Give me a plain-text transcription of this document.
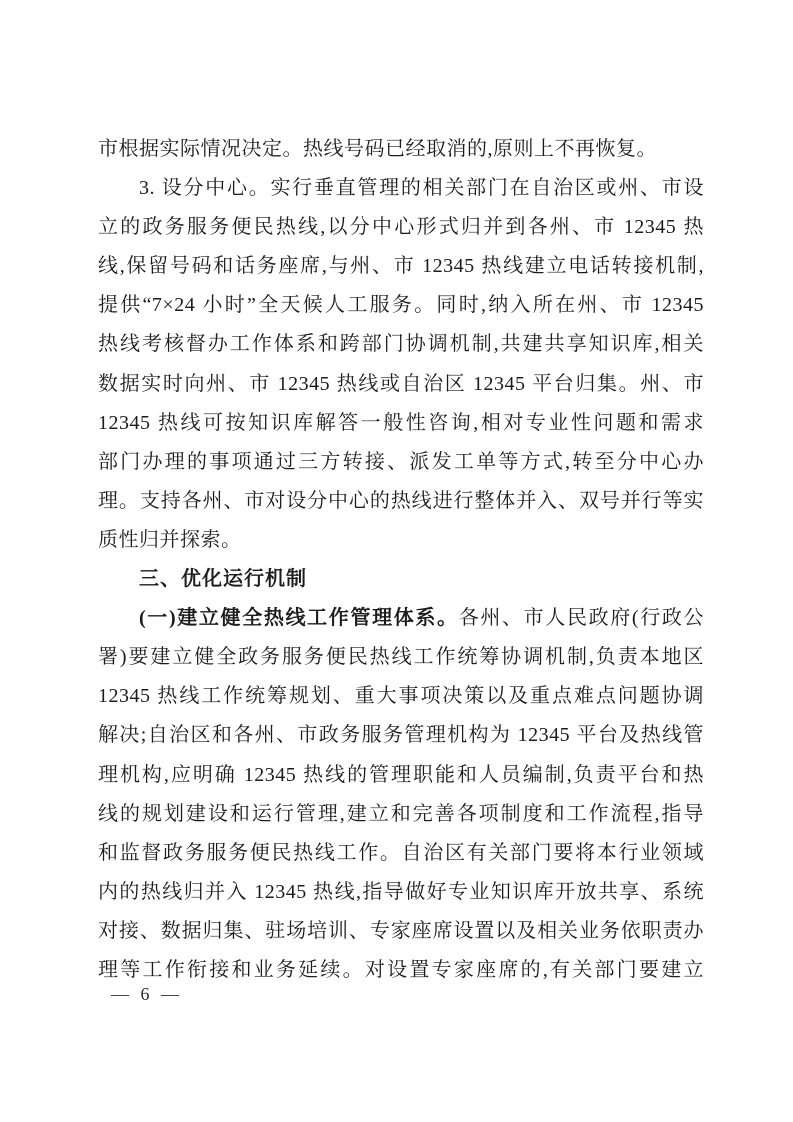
市根据实际情况决定。热线号码已经取消的,原则上不再恢复。
3. 设分中心。实行垂直管理的相关部门在自治区或州、市设
立的政务服务便民热线,以分中心形式归并到各州、市 12345 热
线,保留号码和话务座席,与州、市 12345 热线建立电话转接机制,
提供“7×24 小时”全天候人工服务。同时,纳入所在州、市 12345
热线考核督办工作体系和跨部门协调机制,共建共享知识库,相关
数据实时向州、市 12345 热线或自治区 12345 平台归集。州、市
12345 热线可按知识库解答一般性咨询,相对专业性问题和需求
部门办理的事项通过三方转接、派发工单等方式,转至分中心办
理。支持各州、市对设分中心的热线进行整体并入、双号并行等实
质性归并探索。
三、优化运行机制
(一)建立健全热线工作管理体系。各州、市人民政府(行政公
署)要建立健全政务服务便民热线工作统筹协调机制,负责本地区
12345 热线工作统筹规划、重大事项决策以及重点难点问题协调
解决;自治区和各州、市政务服务管理机构为 12345 平台及热线管
理机构,应明确 12345 热线的管理职能和人员编制,负责平台和热
线的规划建设和运行管理,建立和完善各项制度和工作流程,指导
和监督政务服务便民热线工作。自治区有关部门要将本行业领域
内的热线归并入 12345 热线,指导做好专业知识库开放共享、系统
对接、数据归集、驻场培训、专家座席设置以及相关业务依职责办
理等工作衔接和业务延续。对设置专家座席的,有关部门要建立
— 6 —
